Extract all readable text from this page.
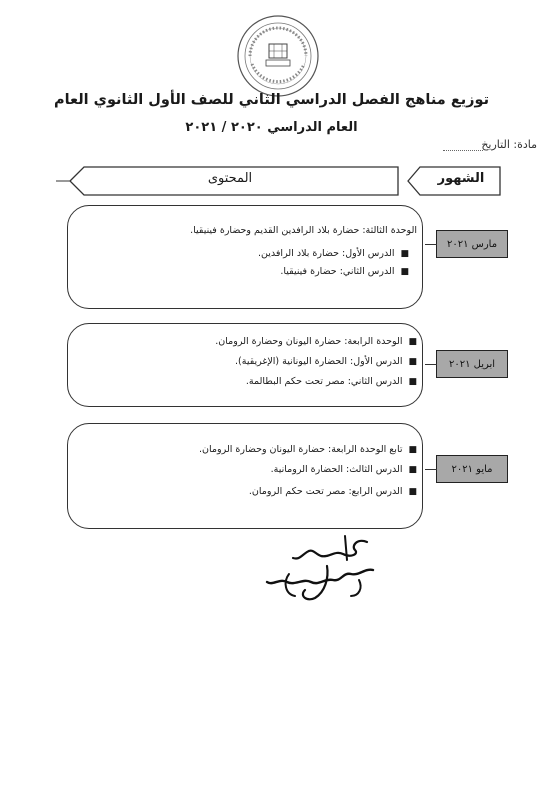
توزيع مناهج الفصل الدراسي الثاني للصف الأول الثانوي العام
العام الدراسي ٢٠٢٠ / ٢٠٢١
مادة: التاريخ
المحتوى	الشهور
الوحدة الثالثة: حضارة بلاد الرافدين القديم وحضارة فينيقيا.
■
الدرس الأول: حضارة بلاد الرافدين.
■
الدرس الثاني: حضارة فينيقيا.
مارس ٢٠٢١
■
الوحدة الرابعة: حضارة اليونان وحضارة الرومان.
■
الدرس الأول: الحضارة اليونانية (الإغريقية).
■
الدرس الثاني: مصر تحت حكم البطالمة.
ابريل ٢٠٢١
■
تابع الوحدة الرابعة: حضارة اليونان وحضارة الرومان.
■
الدرس الثالث: الحضارة الرومانية.
■
الدرس الرابع: مصر تحت حكم الرومان.
مايو ٢٠٢١
